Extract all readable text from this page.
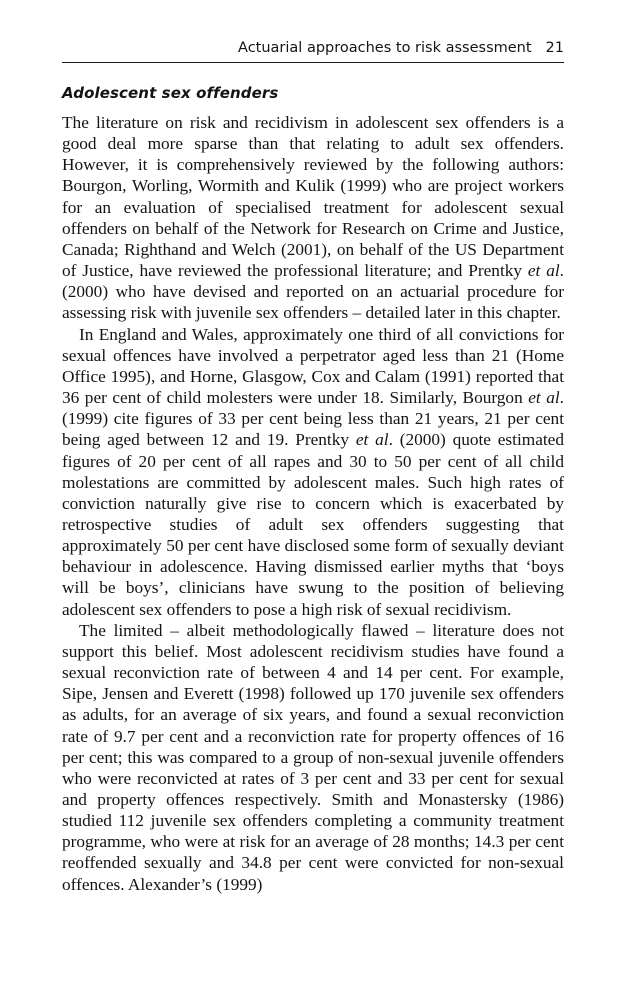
Actuarial approaches to risk assessment 21
Adolescent sex offenders

The literature on risk and recidivism in adolescent sex offenders is a good deal more sparse than that relating to adult sex offenders. However, it is comprehensively reviewed by the following authors: Bourgon, Worling, Wormith and Kulik (1999) who are project workers for an evaluation of specialised treatment for adolescent sexual offenders on behalf of the Network for Research on Crime and Justice, Canada; Righthand and Welch (2001), on behalf of the US Department of Justice, have reviewed the professional literature; and Prentky et al. (2000) who have devised and reported on an actuarial procedure for assessing risk with juvenile sex offenders – detailed later in this chapter.

In England and Wales, approximately one third of all convictions for sexual offences have involved a perpetrator aged less than 21 (Home Office 1995), and Horne, Glasgow, Cox and Calam (1991) reported that 36 per cent of child molesters were under 18. Similarly, Bourgon et al. (1999) cite figures of 33 per cent being less than 21 years, 21 per cent being aged between 12 and 19. Prentky et al. (2000) quote estimated figures of 20 per cent of all rapes and 30 to 50 per cent of all child molestations are committed by adolescent males. Such high rates of conviction naturally give rise to concern which is exacerbated by retrospective studies of adult sex offenders suggesting that approximately 50 per cent have disclosed some form of sexually deviant behaviour in adolescence. Having dismissed earlier myths that ‘boys will be boys’, clinicians have swung to the position of believing adolescent sex offenders to pose a high risk of sexual recidivism.

The limited – albeit methodologically flawed – literature does not support this belief. Most adolescent recidivism studies have found a sexual reconviction rate of between 4 and 14 per cent. For example, Sipe, Jensen and Everett (1998) followed up 170 juvenile sex offenders as adults, for an average of six years, and found a sexual reconviction rate of 9.7 per cent and a reconviction rate for property offences of 16 per cent; this was compared to a group of non-sexual juvenile offenders who were reconvicted at rates of 3 per cent and 33 per cent for sexual and property offences respectively. Smith and Monastersky (1986) studied 112 juvenile sex offenders completing a community treatment programme, who were at risk for an average of 28 months; 14.3 per cent reoffended sexually and 34.8 per cent were convicted for non-sexual offences. Alexander’s (1999)
